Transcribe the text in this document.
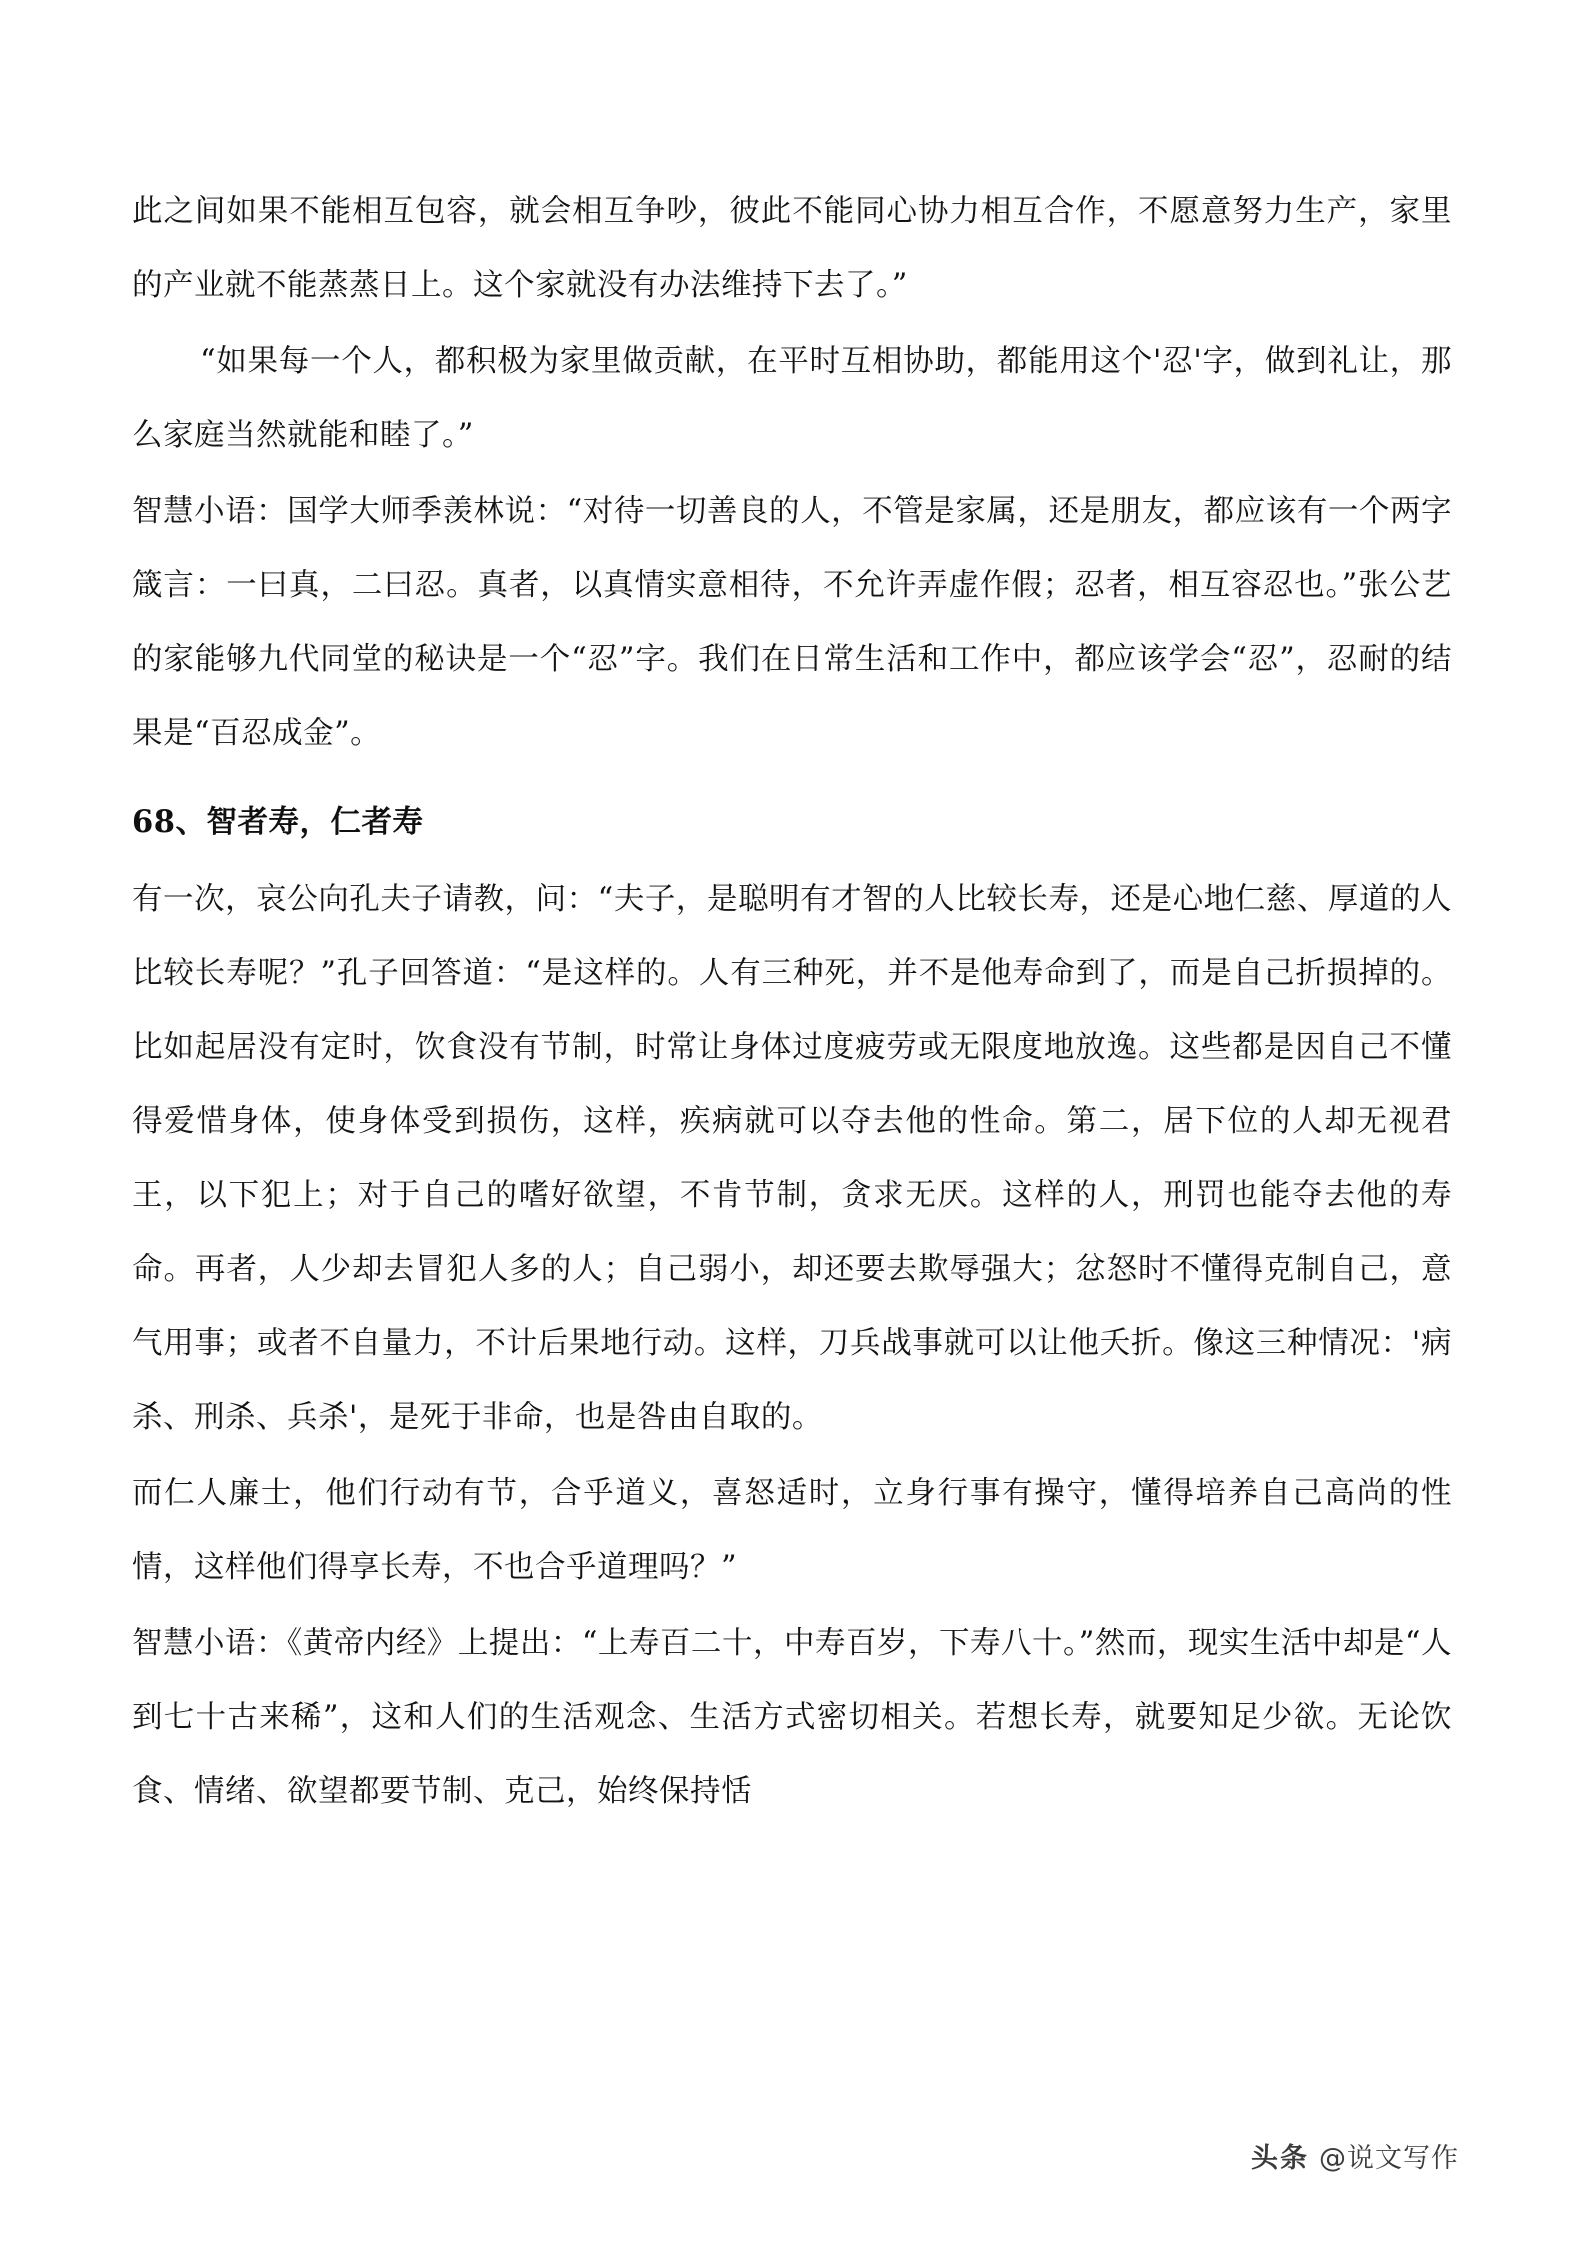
此之间如果不能相互包容，就会相互争吵，彼此不能同心协力相互合作，不愿意努力生产，家里的产业就不能蒸蒸日上。这个家就没有办法维持下去了。”

“如果每一个人，都积极为家里做贡献，在平时互相协助，都能用这个'忍'字，做到礼让，那么家庭当然就能和睦了。”

智慧小语：国学大师季羡林说：“对待一切善良的人，不管是家属，还是朋友，都应该有一个两字箴言：一曰真，二曰忍。真者，以真情实意相待，不允许弄虚作假；忍者，相互容忍也。”张公艺的家能够九代同堂的秘诀是一个“忍”字。我们在日常生活和工作中，都应该学会“忍”，忍耐的结果是“百忍成金”。

68、智者寿，仁者寿

有一次，哀公向孔夫子请教，问：“夫子，是聪明有才智的人比较长寿，还是心地仁慈、厚道的人比较长寿呢？”孔子回答道：“是这样的。人有三种死，并不是他寿命到了，而是自己折损掉的。比如起居没有定时，饮食没有节制，时常让身体过度疲劳或无限度地放逸。这些都是因自己不懂得爱惜身体，使身体受到损伤，这样，疾病就可以夺去他的性命。第二，居下位的人却无视君王，以下犯上；对于自己的嗜好欲望，不肯节制，贪求无厌。这样的人，刑罚也能夺去他的寿命。再者，人少却去冒犯人多的人；自己弱小，却还要去欺辱强大；忿怒时不懂得克制自己，意气用事；或者不自量力，不计后果地行动。这样，刀兵战事就可以让他夭折。像这三种情况：'病杀、刑杀、兵杀'，是死于非命，也是咎由自取的。

而仁人廉士，他们行动有节，合乎道义，喜怒适时，立身行事有操守，懂得培养自己高尚的性情，这样他们得享长寿，不也合乎道理吗？”

智慧小语：《黄帝内经》上提出：“上寿百二十，中寿百岁，下寿八十。”然而，现实生活中却是“人到七十古来稀”，这和人们的生活观念、生活方式密切相关。若想长寿，就要知足少欲。无论饮食、情绪、欲望都要节制、克己，始终保持恬

头条 @说文写作
